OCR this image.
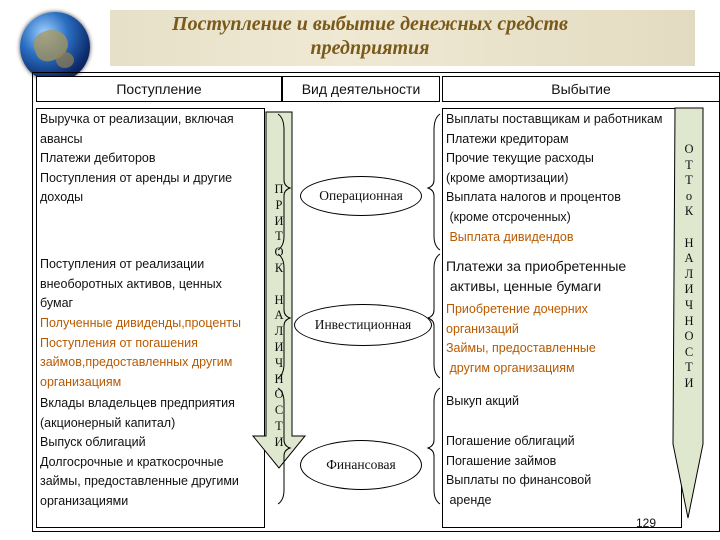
Поступление и выбытие денежных средств
предприятия
Поступление	Вид деятельности	Выбытие
Выручка от реализации, включая
авансы
Платежи дебиторов
Поступления от аренды и другие
доходы
Поступления от реализации
внеоборотных активов, ценных
бумаг
Полученные дивиденды,проценты
Поступления от погашения
займов,предоставленных другим
организациям
Вклады владельцев предприятия
(акционерный капитал)
Выпуск облигаций
Долгосрочные и краткосрочные
займы, предоставленные другими
организациями
П
Р
И
Т
О
К
Н
А
Л
И
Ч
Н
О
С
Т
И
Операционная
Инвестиционная
Финансовая
Выплаты поставщикам и работникам
Платежи кредиторам
Прочие текущие расходы
(кроме амортизации)
Выплата налогов и процентов
(кроме отсроченных)
Выплата дивидендов
Платежи за приобретенные
активы, ценные бумаги
Приобретение дочерних
организаций
Займы, предоставленные
другим организациям
Выкуп акций
Погашение облигаций
Погашение займов
Выплаты по финансовой
аренде
О
Т
Т
о
К
Н
А
Л
И
Ч
Н
О
С
Т
И
129
